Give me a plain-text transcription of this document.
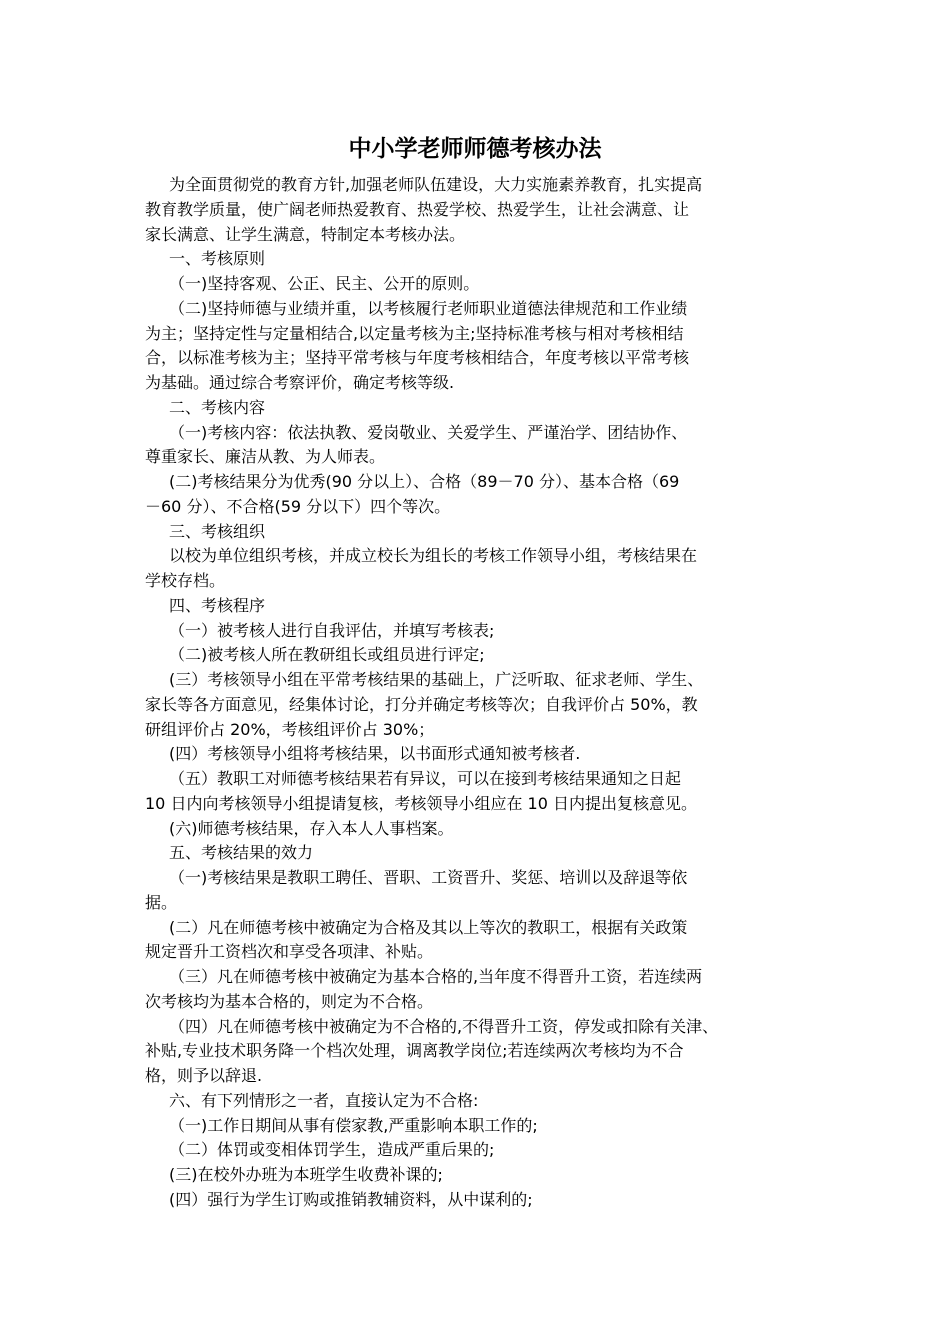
中小学老师师德考核办法
为全面贯彻党的教育方针,加强老师队伍建设，大力实施素养教育，扎实提高
教育教学质量，使广阔老师热爱教育、热爱学校、热爱学生，让社会满意、让
家长满意、让学生满意，特制定本考核办法。
一、考核原则
（一)坚持客观、公正、民主、公开的原则。
（二)坚持师德与业绩并重，以考核履行老师职业道德法律规范和工作业绩
为主；坚持定性与定量相结合,以定量考核为主;坚持标准考核与相对考核相结
合，以标准考核为主；坚持平常考核与年度考核相结合，年度考核以平常考核
为基础。通过综合考察评价，确定考核等级.
二、考核内容
（一)考核内容：依法执教、爱岗敬业、关爱学生、严谨治学、团结协作、
尊重家长、廉洁从教、为人师表。
(二)考核结果分为优秀(90 分以上）、合格（89－70 分）、基本合格（69
－60 分）、不合格(59 分以下）四个等次。
三、考核组织
以校为单位组织考核，并成立校长为组长的考核工作领导小组，考核结果在
学校存档。
四、考核程序
（一）被考核人进行自我评估，并填写考核表;
（二)被考核人所在教研组长或组员进行评定;
(三）考核领导小组在平常考核结果的基础上，广泛听取、征求老师、学生、
家长等各方面意见，经集体讨论，打分并确定考核等次；自我评价占 50%，教
研组评价占 20%，考核组评价占 30%；
(四）考核领导小组将考核结果，以书面形式通知被考核者.
（五）教职工对师德考核结果若有异议，可以在接到考核结果通知之日起
10 日内向考核领导小组提请复核，考核领导小组应在 10 日内提出复核意见。
(六)师德考核结果，存入本人人事档案。
五、考核结果的效力
（一)考核结果是教职工聘任、晋职、工资晋升、奖惩、培训以及辞退等依
据。
(二）凡在师德考核中被确定为合格及其以上等次的教职工，根据有关政策
规定晋升工资档次和享受各项津、补贴。
（三）凡在师德考核中被确定为基本合格的,当年度不得晋升工资，若连续两
次考核均为基本合格的，则定为不合格。
（四）凡在师德考核中被确定为不合格的,不得晋升工资，停发或扣除有关津、
补贴,专业技术职务降一个档次处理，调离教学岗位;若连续两次考核均为不合
格，则予以辞退.
六、有下列情形之一者，直接认定为不合格:
（一)工作日期间从事有偿家教,严重影响本职工作的;
（二）体罚或变相体罚学生，造成严重后果的;
(三)在校外办班为本班学生收费补课的;
(四）强行为学生订购或推销教辅资料，从中谋利的;
